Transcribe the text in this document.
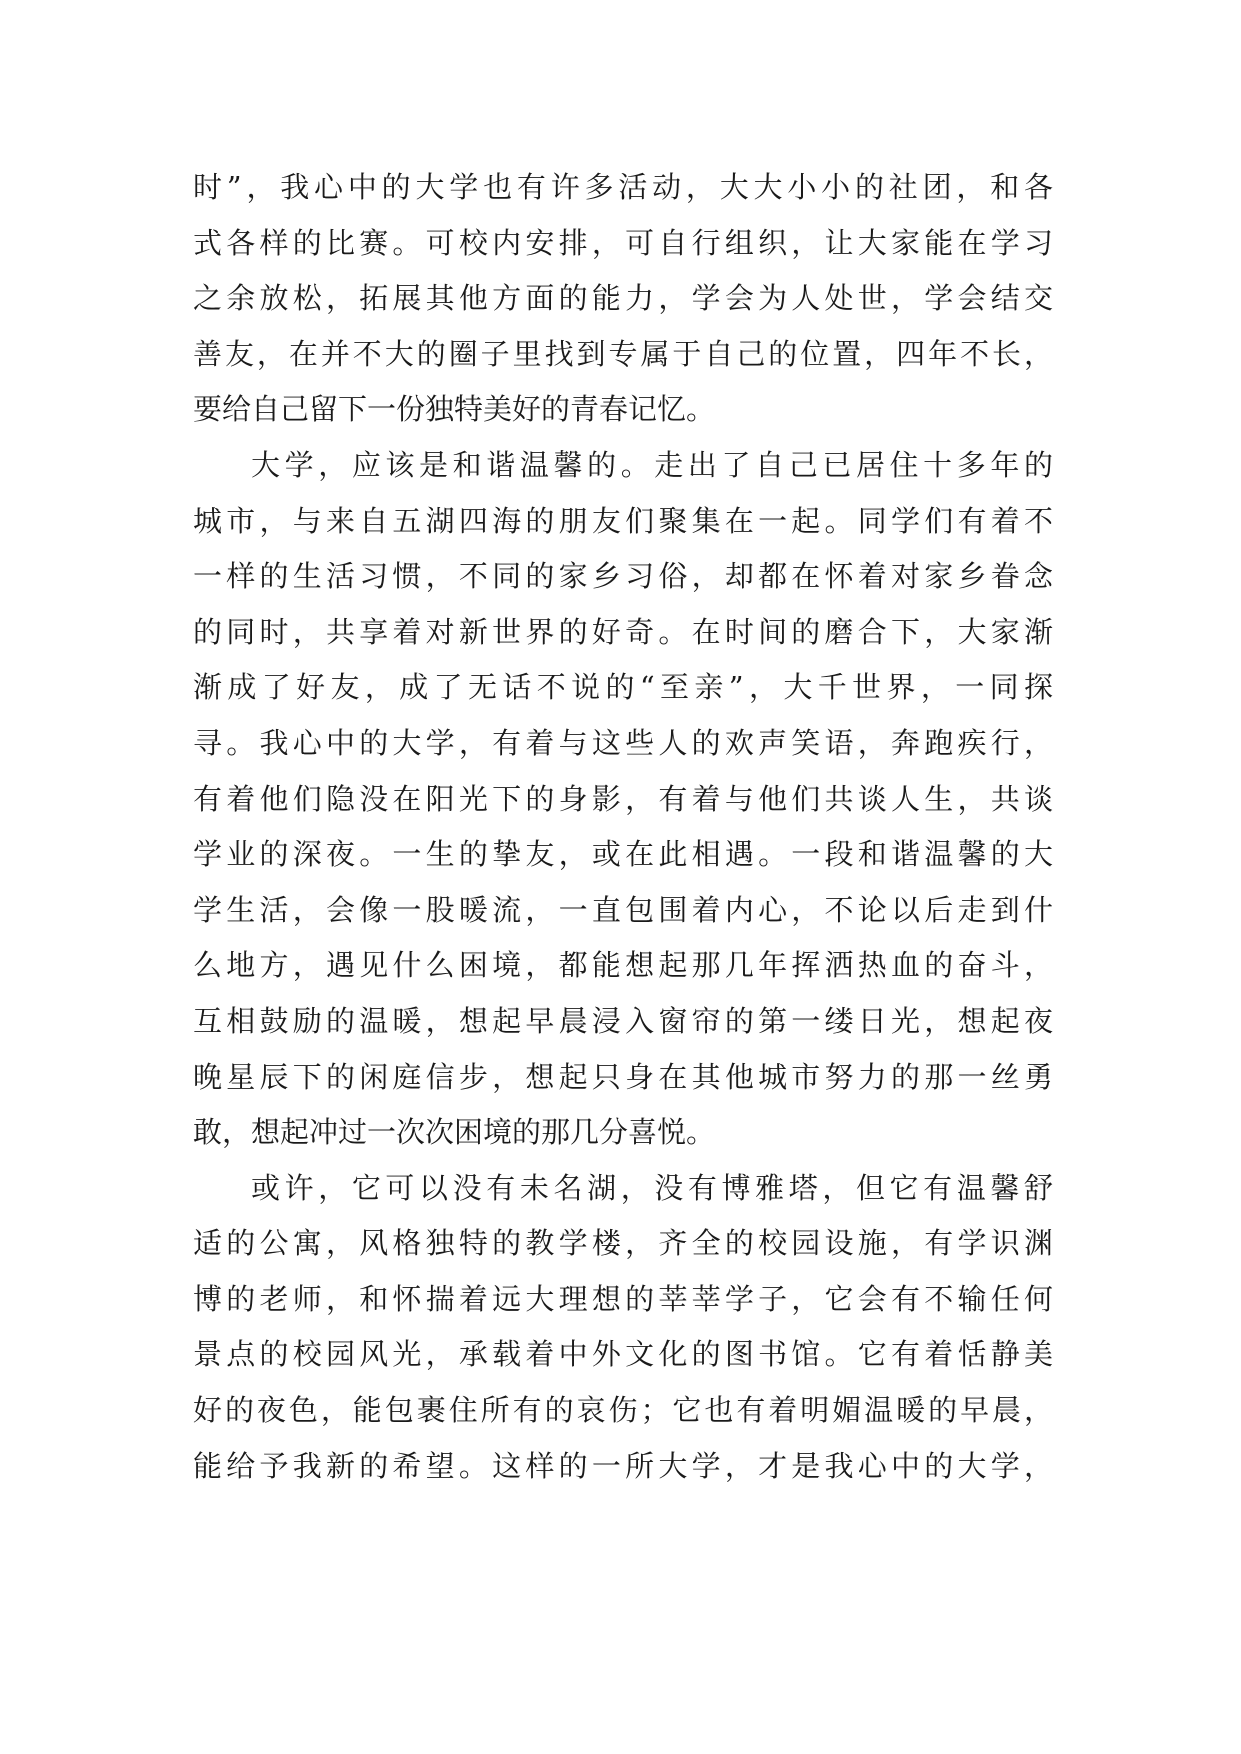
时”，我心中的大学也有许多活动，大大小小的社团，和各
式各样的比赛。可校内安排，可自行组织，让大家能在学习
之余放松，拓展其他方面的能力，学会为人处世，学会结交
善友，在并不大的圈子里找到专属于自己的位置，四年不长，
要给自己留下一份独特美好的青春记忆。
大学，应该是和谐温馨的。走出了自己已居住十多年的
城市，与来自五湖四海的朋友们聚集在一起。同学们有着不
一样的生活习惯，不同的家乡习俗，却都在怀着对家乡眷念
的同时，共享着对新世界的好奇。在时间的磨合下，大家渐
渐成了好友，成了无话不说的“至亲”，大千世界，一同探
寻。我心中的大学，有着与这些人的欢声笑语，奔跑疾行，
有着他们隐没在阳光下的身影，有着与他们共谈人生，共谈
学业的深夜。一生的挚友，或在此相遇。一段和谐温馨的大
学生活，会像一股暖流，一直包围着内心，不论以后走到什
么地方，遇见什么困境，都能想起那几年挥洒热血的奋斗，
互相鼓励的温暖，想起早晨浸入窗帘的第一缕日光，想起夜
晚星辰下的闲庭信步，想起只身在其他城市努力的那一丝勇
敢，想起冲过一次次困境的那几分喜悦。
或许，它可以没有未名湖，没有博雅塔，但它有温馨舒
适的公寓，风格独特的教学楼，齐全的校园设施，有学识渊
博的老师，和怀揣着远大理想的莘莘学子，它会有不输任何
景点的校园风光，承载着中外文化的图书馆。它有着恬静美
好的夜色，能包裹住所有的哀伤；它也有着明媚温暖的早晨，
能给予我新的希望。这样的一所大学，才是我心中的大学，
